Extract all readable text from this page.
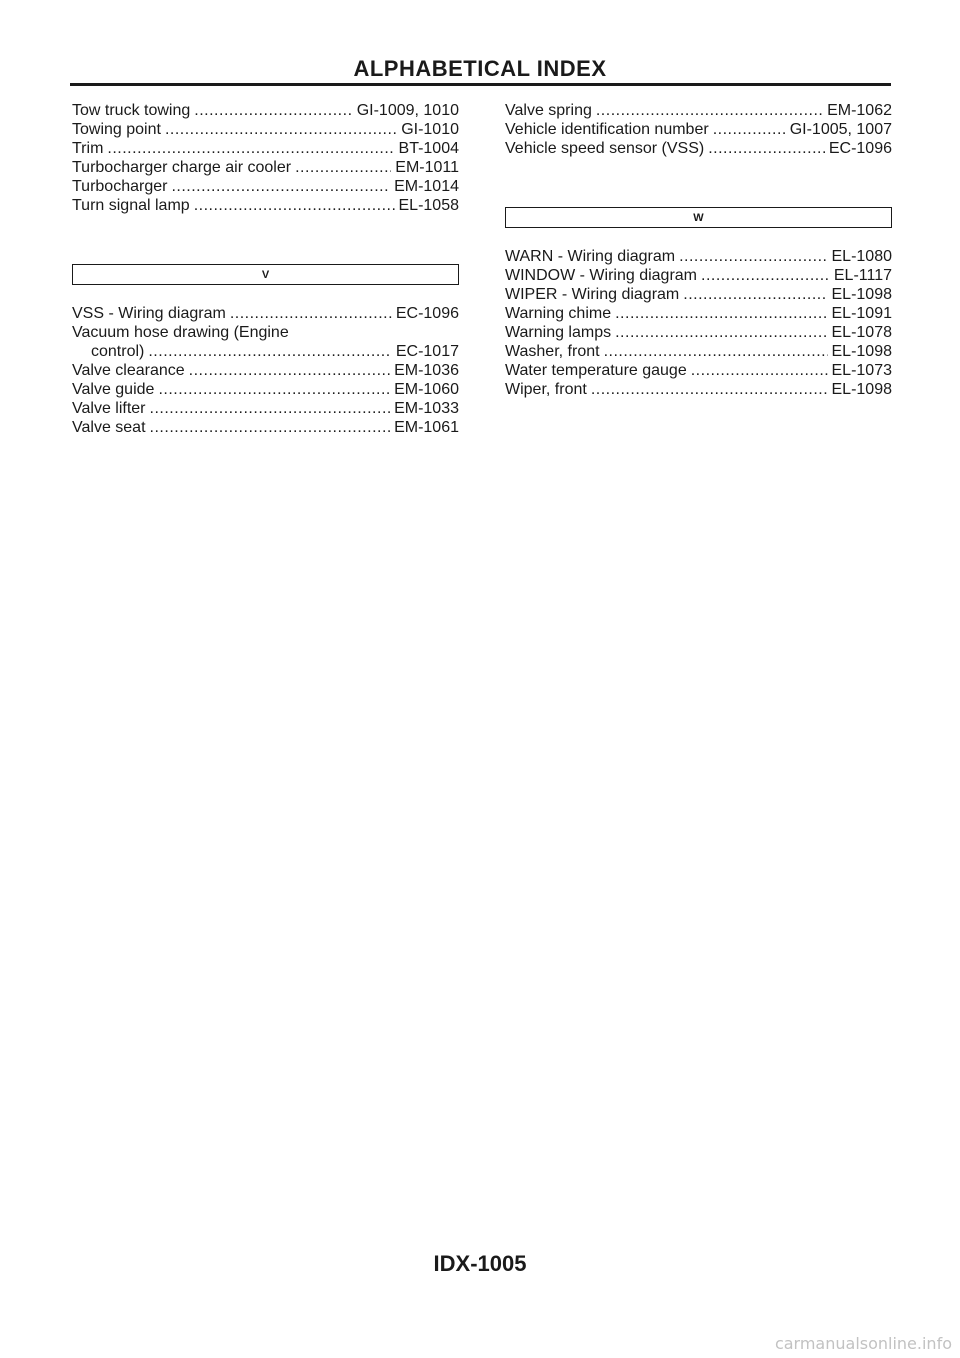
ALPHABETICAL INDEX
Tow truck towing .....	GI-1009, 1010
Towing point .....	GI-1010
Trim .....	BT-1004
Turbocharger charge air cooler .....	EM-1011
Turbocharger .....	EM-1014
Turn signal lamp .....	EL-1058
V
VSS - Wiring diagram .....	EC-1096
Vacuum hose drawing (Engine
control) .....	EC-1017
Valve clearance .....	EM-1036
Valve guide .....	EM-1060
Valve lifter .....	EM-1033
Valve seat .....	EM-1061
Valve spring .....	EM-1062
Vehicle identification number .....	GI-1005, 1007
Vehicle speed sensor (VSS) .....	EC-1096
W
WARN - Wiring diagram .....	EL-1080
WINDOW - Wiring diagram .....	EL-1117
WIPER - Wiring diagram .....	EL-1098
Warning chime .....	EL-1091
Warning lamps .....	EL-1078
Washer, front .....	EL-1098
Water temperature gauge .....	EL-1073
Wiper, front .....	EL-1098
IDX-1005
carmanualsonline.info
